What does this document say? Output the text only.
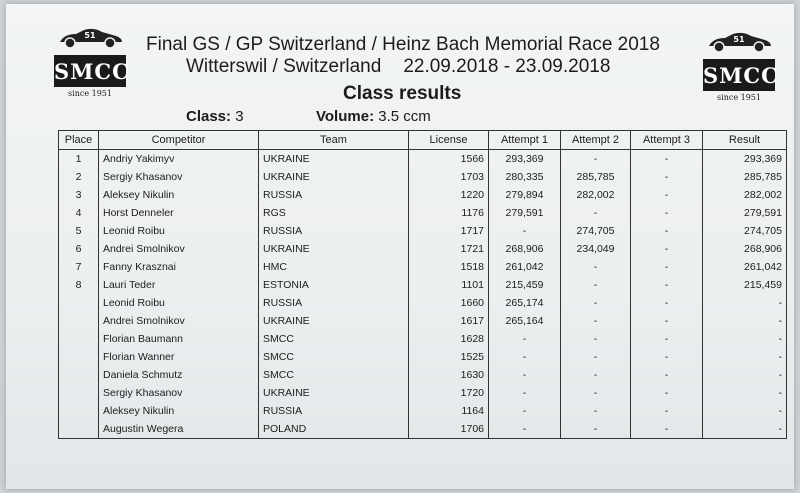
51
SMCC
since 1951
51
SMCC
since 1951
Final GS / GP Switzerland / Heinz Bach Memorial Race 2018
Witterswil / Switzerland 22.09.2018 - 23.09.2018
Class results
Class: 3	Volume: 3.5 ccm
Place	Competitor	Team	License	Attempt 1	Attempt 2	Attempt 3	Result
1	Andriy Yakimyv	UKRAINE	1566	293,369	-	-	293,369
2	Sergiy Khasanov	UKRAINE	1703	280,335	285,785	-	285,785
3	Aleksey Nikulin	RUSSIA	1220	279,894	282,002	-	282,002
4	Horst Denneler	RGS	1176	279,591	-	-	279,591
5	Leonid Roibu	RUSSIA	1717	-	274,705	-	274,705
6	Andrei Smolnikov	UKRAINE	1721	268,906	234,049	-	268,906
7	Fanny Krasznai	HMC	1518	261,042	-	-	261,042
8	Lauri Teder	ESTONIA	1101	215,459	-	-	215,459
	Leonid Roibu	RUSSIA	1660	265,174	-	-	-
	Andrei Smolnikov	UKRAINE	1617	265,164	-	-	-
	Florian Baumann	SMCC	1628	-	-	-	-
	Florian Wanner	SMCC	1525	-	-	-	-
	Daniela Schmutz	SMCC	1630	-	-	-	-
	Sergiy Khasanov	UKRAINE	1720	-	-	-	-
	Aleksey Nikulin	RUSSIA	1164	-	-	-	-
	Augustin Wegera	POLAND	1706	-	-	-	-
